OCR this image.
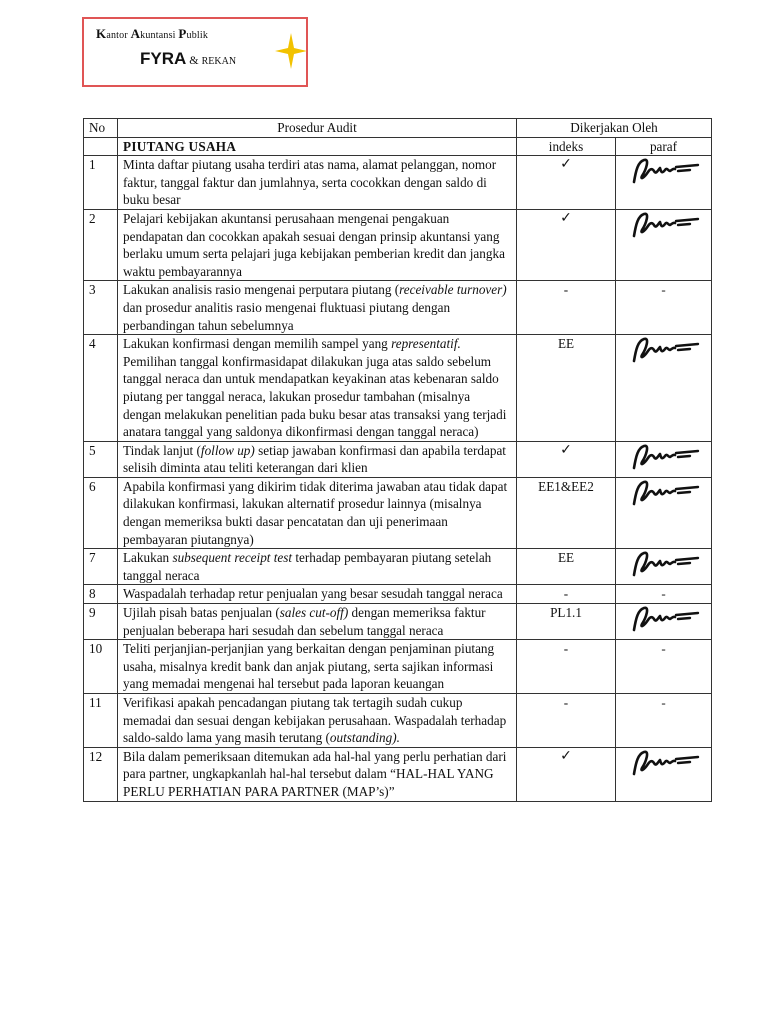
Kantor Akuntansi Publik
FYRA & REKAN
No	Prosedur Audit	Dikerjakan Oleh	
	PIUTANG USAHA	indeks	paraf
1	Minta daftar piutang usaha terdiri atas nama, alamat pelanggan, nomor faktur, tanggal faktur dan jumlahnya, serta cocokkan dengan saldo di buku besar	✓	
2	Pelajari kebijakan akuntansi perusahaan mengenai pengakuan pendapatan dan cocokkan apakah sesuai dengan prinsip akuntansi yang berlaku umum serta pelajari juga kebijakan pemberian kredit dan jangka waktu pembayarannya	✓	
3	Lakukan analisis rasio mengenai perputara piutang (receivable turnover) dan prosedur analitis rasio mengenai fluktuasi piutang dengan perbandingan tahun sebelumnya	-	-
4	Lakukan konfirmasi dengan memilih sampel yang representatif. Pemilihan tanggal konfirmasidapat dilakukan juga atas saldo sebelum tanggal neraca dan untuk mendapatkan keyakinan atas kebenaran saldo piutang per tanggal neraca, lakukan prosedur tambahan (misalnya dengan melakukan penelitian pada buku besar atas transaksi yang terjadi anatara tanggal yang saldonya dikonfirmasi dengan tanggal neraca)	EE	
5	Tindak lanjut (follow up) setiap jawaban konfirmasi dan apabila terdapat selisih diminta atau teliti keterangan dari klien	✓	
6	Apabila konfirmasi yang dikirim tidak diterima jawaban atau tidak dapat dilakukan konfirmasi, lakukan alternatif prosedur lainnya (misalnya dengan memeriksa bukti dasar pencatatan dan uji penerimaan pembayaran piutangnya)	EE1&EE2	
7	Lakukan subsequent receipt test terhadap pembayaran piutang setelah tanggal neraca	EE	
8	Waspadalah terhadap retur penjualan yang besar sesudah tanggal neraca	-	-
9	Ujilah pisah batas penjualan (sales cut-off) dengan memeriksa faktur penjualan beberapa hari sesudah dan sebelum tanggal neraca	PL1.1	
10	Teliti perjanjian-perjanjian yang berkaitan dengan penjaminan piutang usaha, misalnya kredit bank dan anjak piutang, serta sajikan informasi yang memadai mengenai hal tersebut pada laporan keuangan	-	-
11	Verifikasi apakah pencadangan piutang tak tertagih sudah cukup memadai dan sesuai dengan kebijakan perusahaan. Waspadalah terhadap saldo-saldo lama yang masih terutang (outstanding).	-	-
12	Bila dalam pemeriksaan ditemukan ada hal-hal yang perlu perhatian dari para partner, ungkapkanlah hal-hal tersebut dalam “HAL-HAL YANG PERLU PERHATIAN PARA PARTNER (MAP’s)”	✓	
